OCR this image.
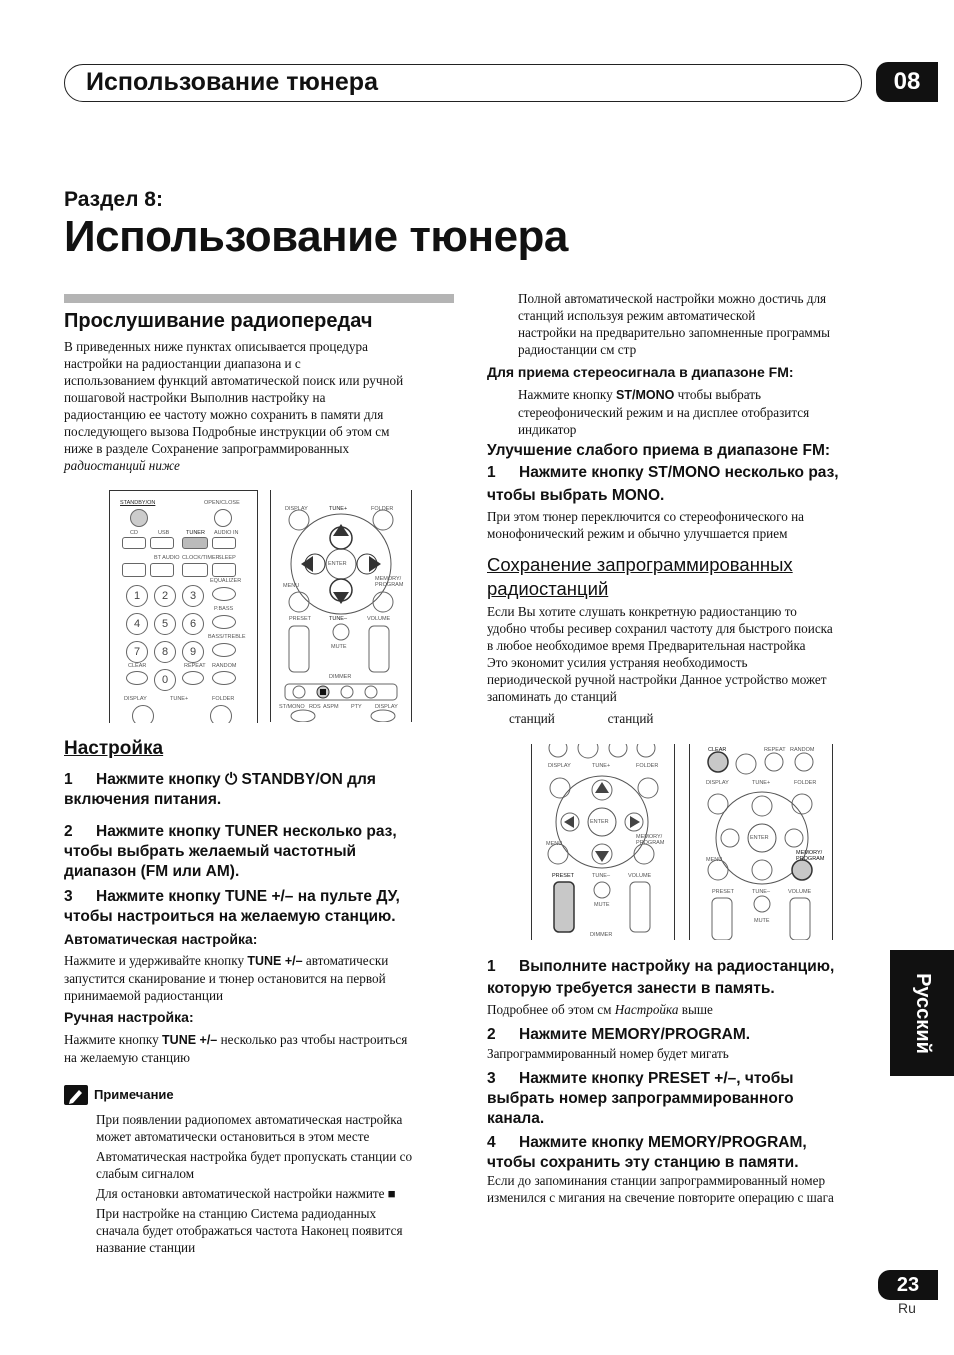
Использование тюнера	08
Раздел 8:
Использование тюнера
Прослушивание радиопередач
В приведенных ниже пунктах описывается процедура
настройки на радиостанции диапазона и с
использованием функций автоматической поиск или ручной
пошаговой настройки Выполнив настройку на
радиостанцию ее частоту можно сохранить в памяти для
последующего вызова Подробные инструкции об этом см
ниже в разделе Сохранение запрограммированных
радиостанций ниже
STANDBY/ON	OPEN/CLOSE
CD	USB	TUNER AUDIO IN
BT AUDIO CLOCK/TIMER
SLEEP
EQUALIZER
1	2	3
P.BASS
4	5	6
BASS/TREBLE
7	8	9
CLEAR	REPEAT RANDOM
0
DISPLAY	TUNE+	FOLDER
DISPLAY	TUNE+	FOLDER
ENTER
MENU
MEMORY/ PROGRAM
PRESET	TUNE–	VOLUME
MUTE
DIMMER
ST/MONO RDS ASPM PTY DISPLAY
Настройка
1 Нажмите кнопку ⏻ STANDBY/ON для
включения питания.
2 Нажмите кнопку TUNER несколько раз,
чтобы выбрать желаемый частотный
диапазон (FM или AM).
3 Нажмите кнопку TUNE +/– на пульте ДУ,
чтобы настроиться на желаемую станцию.
Автоматическая настройка:
Нажмите и удерживайте кнопку TUNE +/– автоматически
запустится сканирование и тюнер остановится на первой
принимаемой радиостанции
Ручная настройка:
Нажмите кнопку TUNE +/– несколько раз чтобы настроиться
на желаемую станцию
Примечание
При появлении радиопомех автоматическая настройка
может автоматически остановиться в этом месте
Автоматическая настройка будет пропускать станции со
слабым сигналом
Для остановки автоматической настройки нажмите ■
При настройке на станцию Система радиоданных
сначала будет отображаться частота Наконец появится
название станции
Полной автоматической настройки можно достичь для
станций используя режим автоматической
настройки на предварительно запомненные программы
радиостанции см стр
Для приема стереосигнала в диапазоне FM:
Нажмите кнопку ST/MONO чтобы выбрать
стереофонический режим и на дисплее отобразится
индикатор
Улучшение слабого приема в диапазоне FM:
1 Нажмите кнопку ST/MONO несколько раз,
чтобы выбрать MONO.
При этом тюнер переключится со стереофонического на
монофонический режим и обычно улучшается прием
Сохранение запрограммированных
радиостанций
Если Вы хотите слушать конкретную радиостанцию то
удобно чтобы ресивер сохранил частоту для быстрого поиска
в любое необходимое время Предварительная настройка
Это экономит усилия устраняя необходимость
периодической ручной настройки Данное устройство может
запоминать до станций
станций                станций
DISPLAY	TUNE+	FOLDER
ENTER
MENU
MEMORY/ PROGRAM
PRESET	TUNE–	VOLUME
MUTE
DIMMER
CLEAR	REPEAT RANDOM
DISPLAY	TUNE+	FOLDER
ENTER
MENU
MEMORY/ PROGRAM
PRESET	TUNE–	VOLUME
MUTE
1 Выполните настройку на радиостанцию,
которую требуется занести в память.
Подробнее об этом см Настройка выше
2 Нажмите MEMORY/PROGRAM.
Запрограммированный номер будет мигать
3 Нажмите кнопку PRESET +/–, чтобы
выбрать номер запрограммированного
канала.
4 Нажмите кнопку MEMORY/PROGRAM,
чтобы сохранить эту станцию в памяти.
Если до запоминания станции запрограммированный номер
изменился с мигания на свечение повторите операцию с шага
Русский
23
Ru
